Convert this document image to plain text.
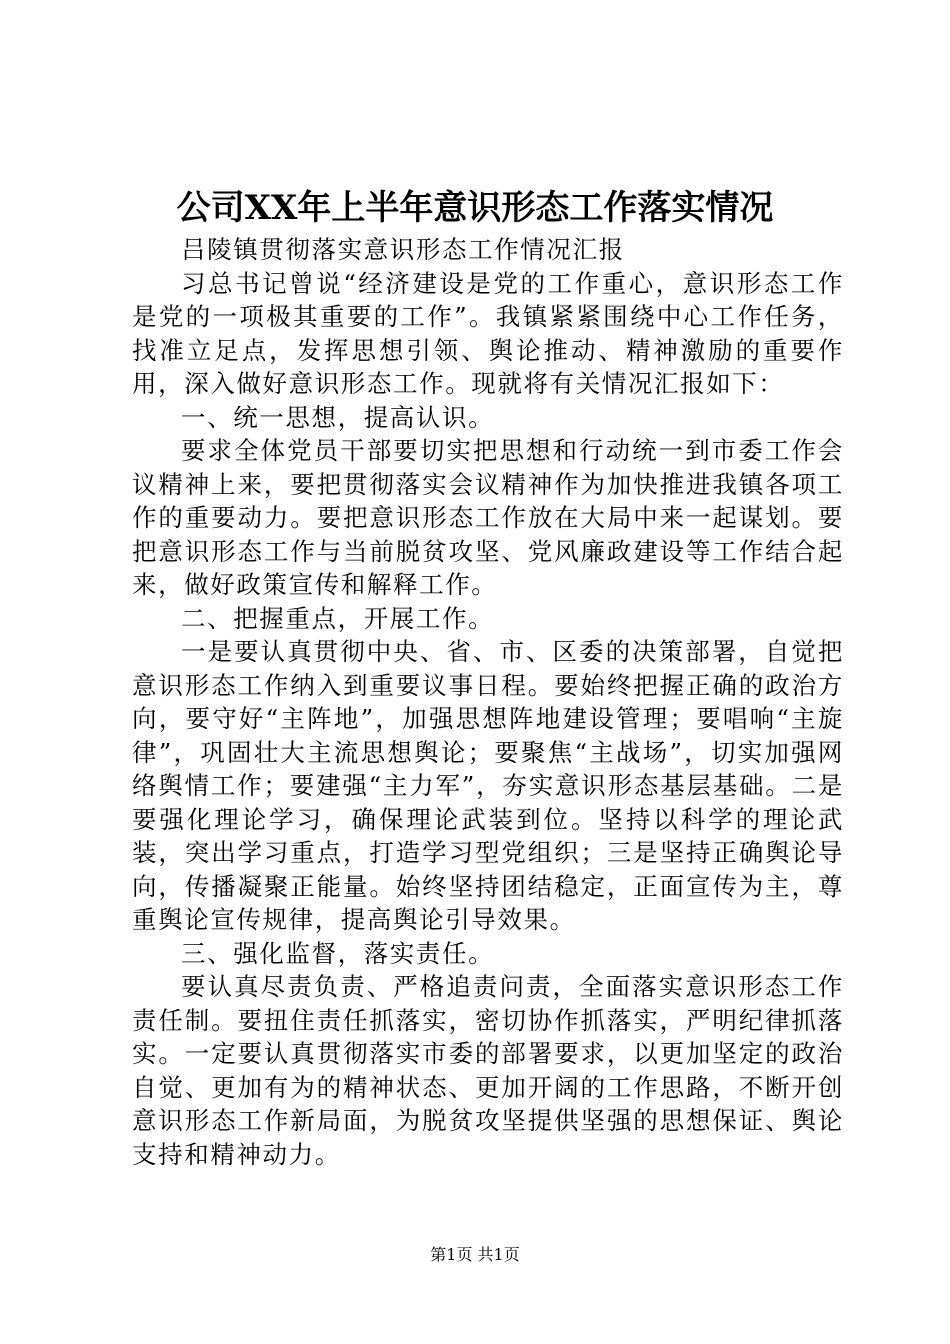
公司XX年上半年意识形态工作落实情况

吕陵镇贯彻落实意识形态工作情况汇报

习总书记曾说“经济建设是党的工作重心，意识形态工作是党的一项极其重要的工作”。我镇紧紧围绕中心工作任务，找准立足点，发挥思想引领、舆论推动、精神激励的重要作用，深入做好意识形态工作。现就将有关情况汇报如下：

一、统一思想，提高认识。

要求全体党员干部要切实把思想和行动统一到市委工作会议精神上来，要把贯彻落实会议精神作为加快推进我镇各项工作的重要动力。要把意识形态工作放在大局中来一起谋划。要把意识形态工作与当前脱贫攻坚、党风廉政建设等工作结合起来，做好政策宣传和解释工作。

二、把握重点，开展工作。

一是要认真贯彻中央、省、市、区委的决策部署，自觉把意识形态工作纳入到重要议事日程。要始终把握正确的政治方向，要守好“主阵地”，加强思想阵地建设管理；要唱响“主旋律”，巩固壮大主流思想舆论；要聚焦“主战场”，切实加强网络舆情工作；要建强“主力军”，夯实意识形态基层基础。二是要强化理论学习，确保理论武装到位。坚持以科学的理论武装，突出学习重点，打造学习型党组织；三是坚持正确舆论导向，传播凝聚正能量。始终坚持团结稳定，正面宣传为主，尊重舆论宣传规律，提高舆论引导效果。

三、强化监督，落实责任。

要认真尽责负责、严格追责问责，全面落实意识形态工作责任制。要扭住责任抓落实，密切协作抓落实，严明纪律抓落实。一定要认真贯彻落实市委的部署要求，以更加坚定的政治自觉、更加有为的精神状态、更加开阔的工作思路，不断开创意识形态工作新局面，为脱贫攻坚提供坚强的思想保证、舆论支持和精神动力。

第1页 共1页
